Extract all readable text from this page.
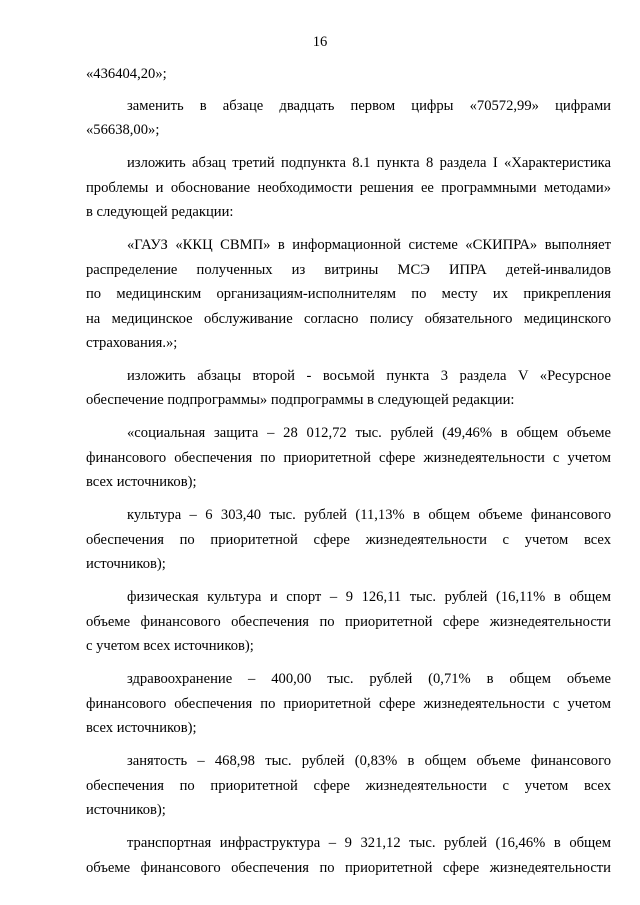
16
«436404,20»;
заменить в абзаце двадцать первом цифры «70572,99» цифрами
«56638,00»;
изложить абзац третий подпункта 8.1 пункта 8 раздела I «Характеристика
проблемы и обоснование необходимости решения ее программными методами»
в следующей редакции:
«ГАУЗ «ККЦ СВМП» в информационной системе «СКИПРА» выполняет
распределение полученных из витрины МСЭ ИПРА детей-инвалидов
по медицинским организациям-исполнителям по месту их прикрепления
на медицинское обслуживание согласно полису обязательного медицинского
страхования.»;
изложить абзацы второй - восьмой пункта 3 раздела V «Ресурсное
обеспечение подпрограммы» подпрограммы в следующей редакции:
«социальная защита – 28 012,72 тыс. рублей (49,46% в общем объеме
финансового обеспечения по приоритетной сфере жизнедеятельности с учетом
всех источников);
культура – 6 303,40 тыс. рублей (11,13% в общем объеме финансового
обеспечения по приоритетной сфере жизнедеятельности с учетом всех
источников);
физическая культура и спорт – 9 126,11 тыс. рублей (16,11% в общем
объеме финансового обеспечения по приоритетной сфере жизнедеятельности
с учетом всех источников);
здравоохранение – 400,00 тыс. рублей (0,71% в общем объеме
финансового обеспечения по приоритетной сфере жизнедеятельности с учетом
всех источников);
занятость – 468,98 тыс. рублей (0,83% в общем объеме финансового
обеспечения по приоритетной сфере жизнедеятельности с учетом всех
источников);
транспортная инфраструктура – 9 321,12 тыс. рублей (16,46% в общем
объеме финансового обеспечения по приоритетной сфере жизнедеятельности
